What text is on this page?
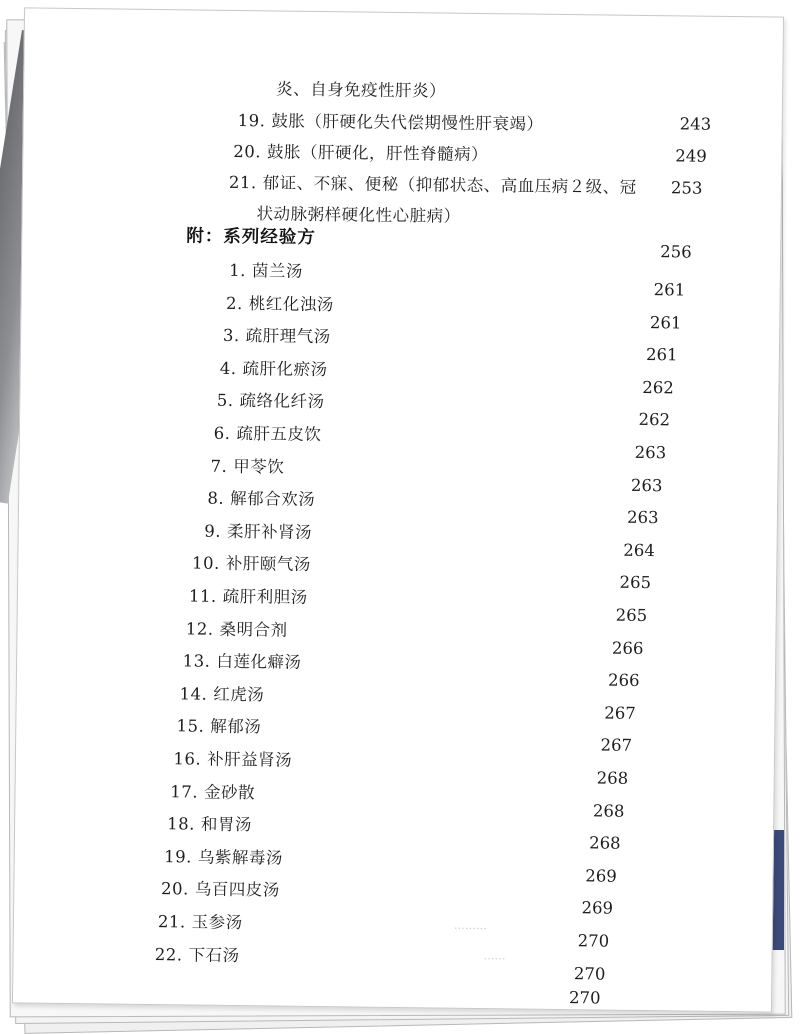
炎、自身免疫性肝炎）
19. 鼓胀（肝硬化失代偿期慢性肝衰竭）	243
20. 鼓胀（肝硬化，肝性脊髓病）	249
21. 郁证、不寐、便秘（抑郁状态、高血压病２级、冠 253
状动脉粥样硬化性心脏病）
附：系列经验方
256
1. 茵兰汤
261
2. 桃红化浊汤
261
3. 疏肝理气汤
261
4. 疏肝化瘀汤
262
5. 疏络化纤汤
262
6. 疏肝五皮饮
263
7. 甲苓饮
263
8. 解郁合欢汤
263
9. 柔肝补肾汤
264
10. 补肝颐气汤
265
11. 疏肝利胆汤
265
12. 桑明合剂
266
13. 白莲化癖汤
266
14. 红虎汤
267
15. 解郁汤
267
16. 补肝益肾汤
268
17. 金砂散
268
18. 和胃汤
268
19. 乌紫解毒汤
269
20. 乌百四皮汤
269
21. 玉参汤
270
22. 下石汤
270
270
………
……
